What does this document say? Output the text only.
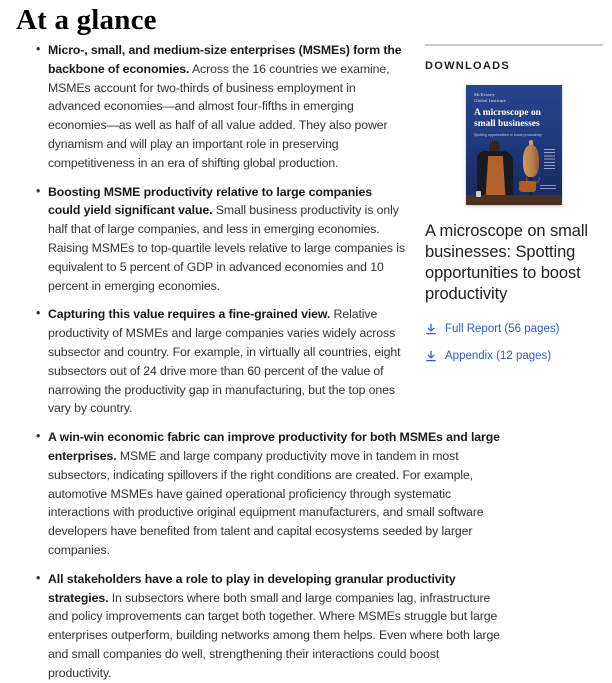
At a glance
• Micro-, small, and medium-size enterprises (MSMEs) form the backbone of economies. Across the 16 countries we examine, MSMEs account for two-thirds of business employment in advanced economies—and almost four-fifths in emerging economies—as well as half of all value added. They also power dynamism and will play an important role in preserving competitiveness in an era of shifting global production.
• Boosting MSME productivity relative to large companies could yield significant value. Small business productivity is only half that of large companies, and less in emerging economies. Raising MSMEs to top-quartile levels relative to large companies is equivalent to 5 percent of GDP in advanced economies and 10 percent in emerging economies.
• Capturing this value requires a fine-grained view. Relative productivity of MSMEs and large companies varies widely across subsector and country. For example, in virtually all countries, eight subsectors out of 24 drive more than 60 percent of the value of narrowing the productivity gap in manufacturing, but the top ones vary by country.
• A win-win economic fabric can improve productivity for both MSMEs and large enterprises. MSME and large company productivity move in tandem in most subsectors, indicating spillovers if the right conditions are created. For example, automotive MSMEs have gained operational proficiency through systematic interactions with productive original equipment manufacturers, and small software developers have benefited from talent and capital ecosystems seeded by larger companies.
• All stakeholders have a role to play in developing granular productivity strategies. In subsectors where both small and large companies lag, infrastructure and policy improvements can target both together. Where MSMEs struggle but large enterprises outperform, building networks among them helps. Even where both large and small companies do well, strengthening their interactions could boost productivity.
DOWNLOADS
McKinsey
Global Institute
A microscope on small businesses
Spotting opportunities to boost productivity
A microscope on small businesses: Spotting opportunities to boost productivity
Full Report (56 pages)
Appendix (12 pages)
